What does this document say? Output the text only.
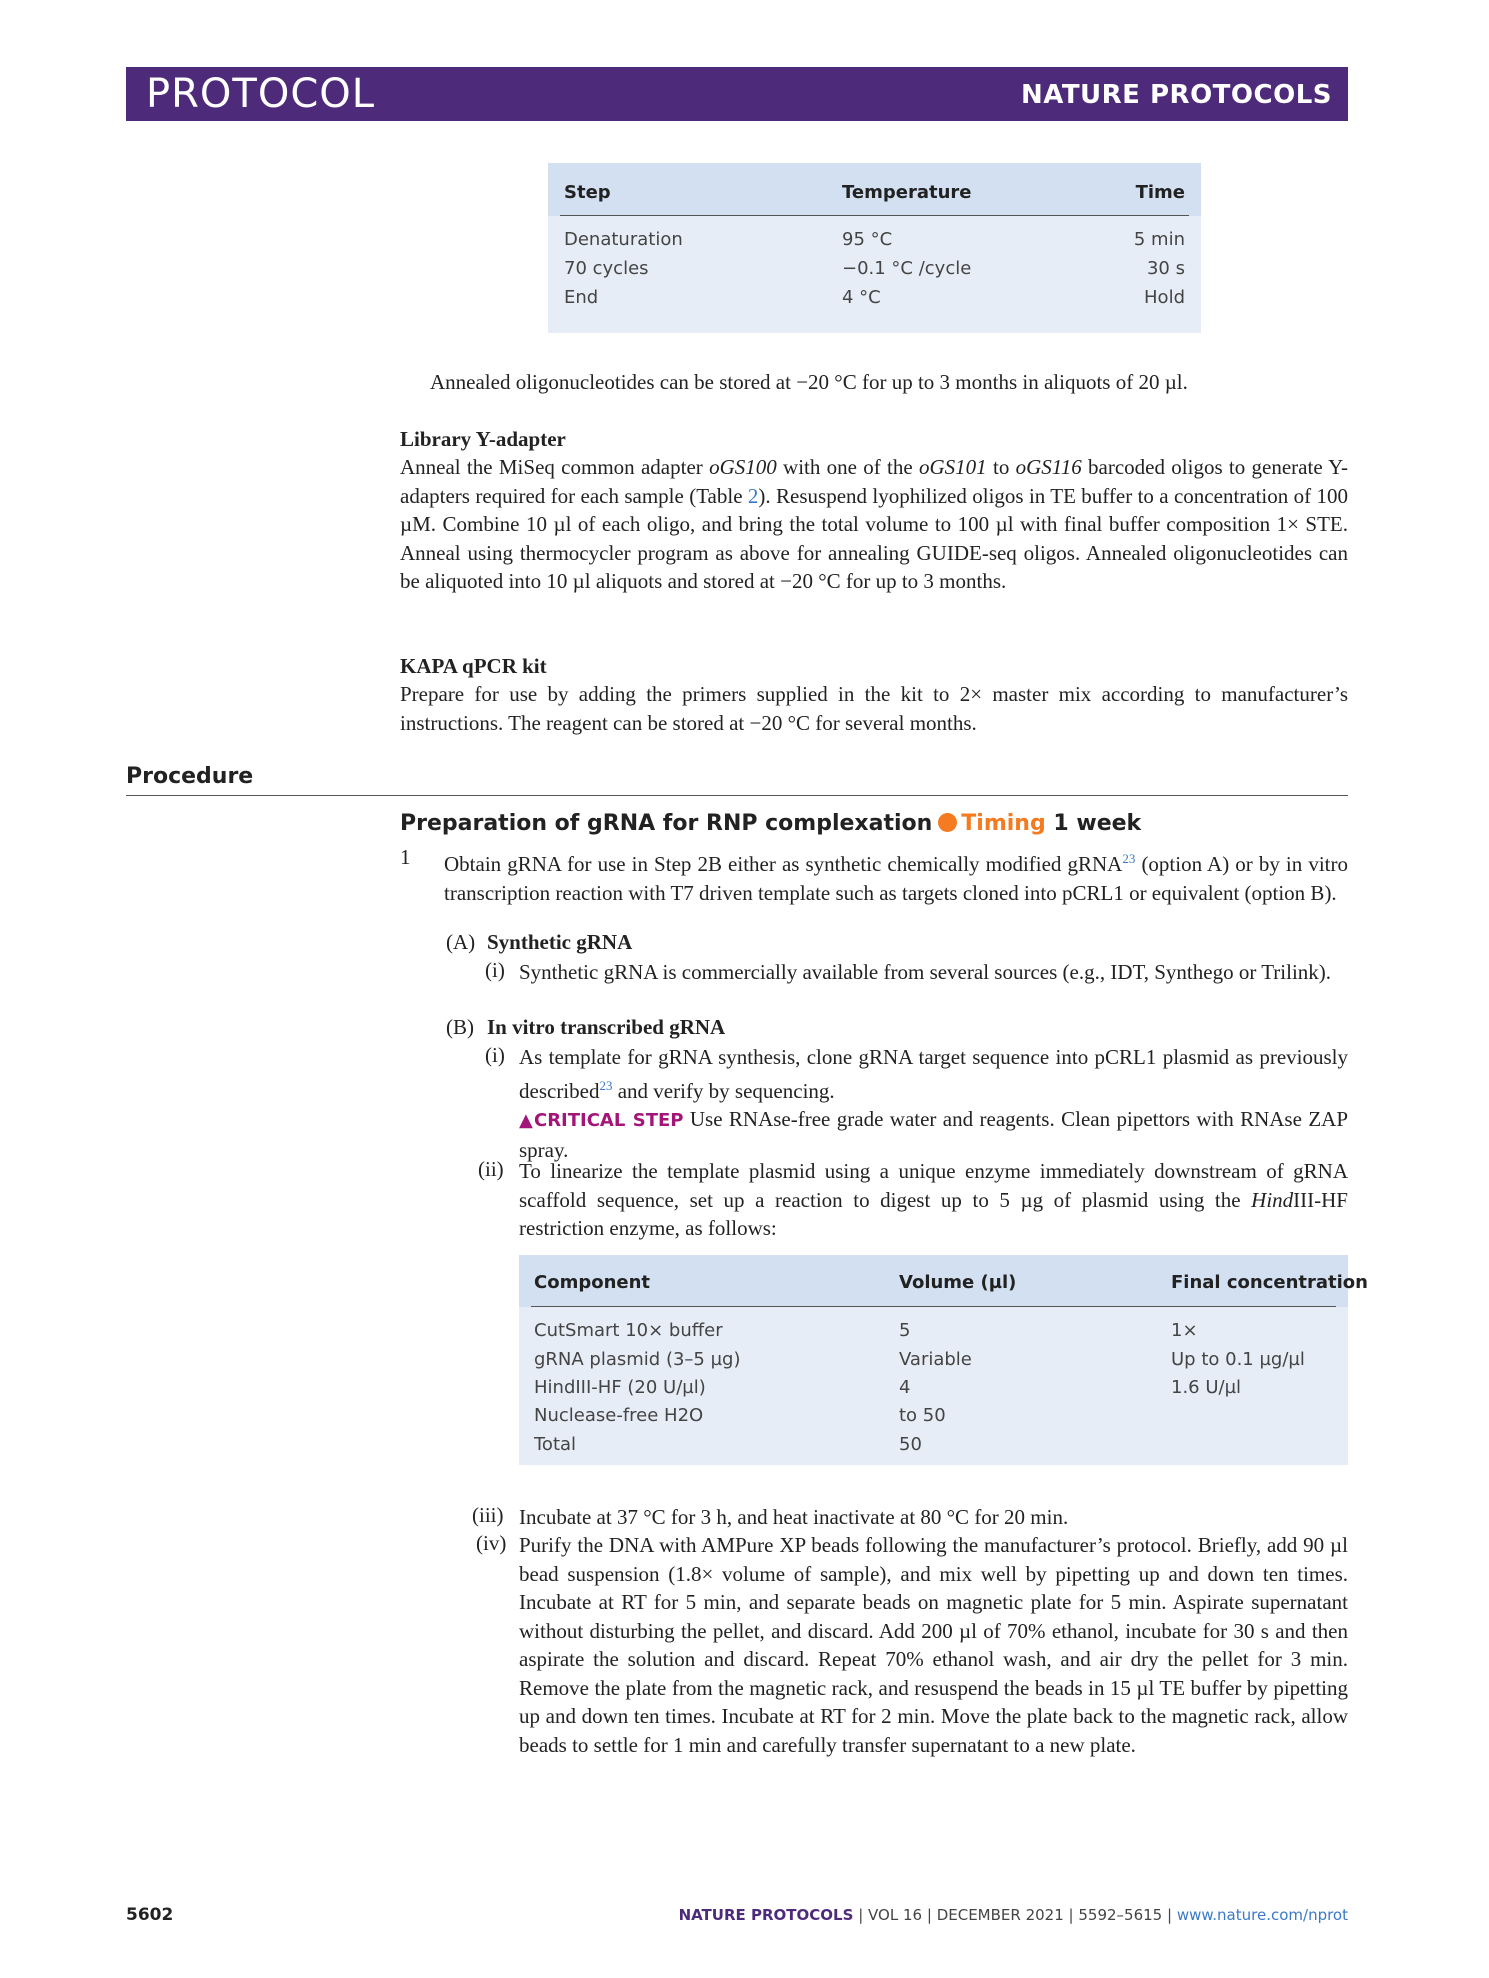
PROTOCOL	NATURE PROTOCOLS
Step	Temperature	Time
Denaturation	95 °C	5 min
70 cycles	−0.1 °C /cycle	30 s
End	4 °C	Hold
Annealed oligonucleotides can be stored at −20 °C for up to 3 months in aliquots of 20 µl.
Library Y-adapter
Anneal the MiSeq common adapter oGS100 with one of the oGS101 to oGS116 barcoded oligos to generate Y-adapters required for each sample (Table 2). Resuspend lyophilized oligos in TE buffer to a concentration of 100 µM. Combine 10 µl of each oligo, and bring the total volume to 100 µl with final buffer composition 1× STE. Anneal using thermocycler program as above for annealing GUIDE-seq oligos. Annealed oligonucleotides can be aliquoted into 10 µl aliquots and stored at −20 °C for up to 3 months.
KAPA qPCR kit
Prepare for use by adding the primers supplied in the kit to 2× master mix according to manufacturer’s instructions. The reagent can be stored at −20 °C for several months.
Procedure
Preparation of gRNA for RNP complexation Timing 1 week
1 Obtain gRNA for use in Step 2B either as synthetic chemically modified gRNA$^{23}$ (option A) or by in vitro transcription reaction with T7 driven template such as targets cloned into pCRL1 or equivalent (option B).
(A) Synthetic gRNA
(i) Synthetic gRNA is commercially available from several sources (e.g., IDT, Synthego or Trilink).
(B) In vitro transcribed gRNA
(i) As template for gRNA synthesis, clone gRNA target sequence into pCRL1 plasmid as previously described$^{23}$ and verify by sequencing.
▲CRITICAL STEP Use RNAse-free grade water and reagents. Clean pipettors with RNAse ZAP spray.
(ii) To linearize the template plasmid using a unique enzyme immediately downstream of gRNA scaffold sequence, set up a reaction to digest up to 5 µg of plasmid using the HindIII-HF restriction enzyme, as follows:
Component	Volume (µl)	Final concentration
CutSmart 10× buffer	5	1×
gRNA plasmid (3–5 µg)	Variable	Up to 0.1 µg/µl
HindIII-HF (20 U/µl)	4	1.6 U/µl
Nuclease-free H2O	to 50
Total	50
(iii) Incubate at 37 °C for 3 h, and heat inactivate at 80 °C for 20 min.
(iv) Purify the DNA with AMPure XP beads following the manufacturer’s protocol. Briefly, add 90 µl bead suspension (1.8× volume of sample), and mix well by pipetting up and down ten times. Incubate at RT for 5 min, and separate beads on magnetic plate for 5 min. Aspirate supernatant without disturbing the pellet, and discard. Add 200 µl of 70% ethanol, incubate for 30 s and then aspirate the solution and discard. Repeat 70% ethanol wash, and air dry the pellet for 3 min. Remove the plate from the magnetic rack, and resuspend the beads in 15 µl TE buffer by pipetting up and down ten times. Incubate at RT for 2 min. Move the plate back to the magnetic rack, allow beads to settle for 1 min and carefully transfer supernatant to a new plate.
5602	NATURE PROTOCOLS | VOL 16 | DECEMBER 2021 | 5592–5615 | www.nature.com/nprot
